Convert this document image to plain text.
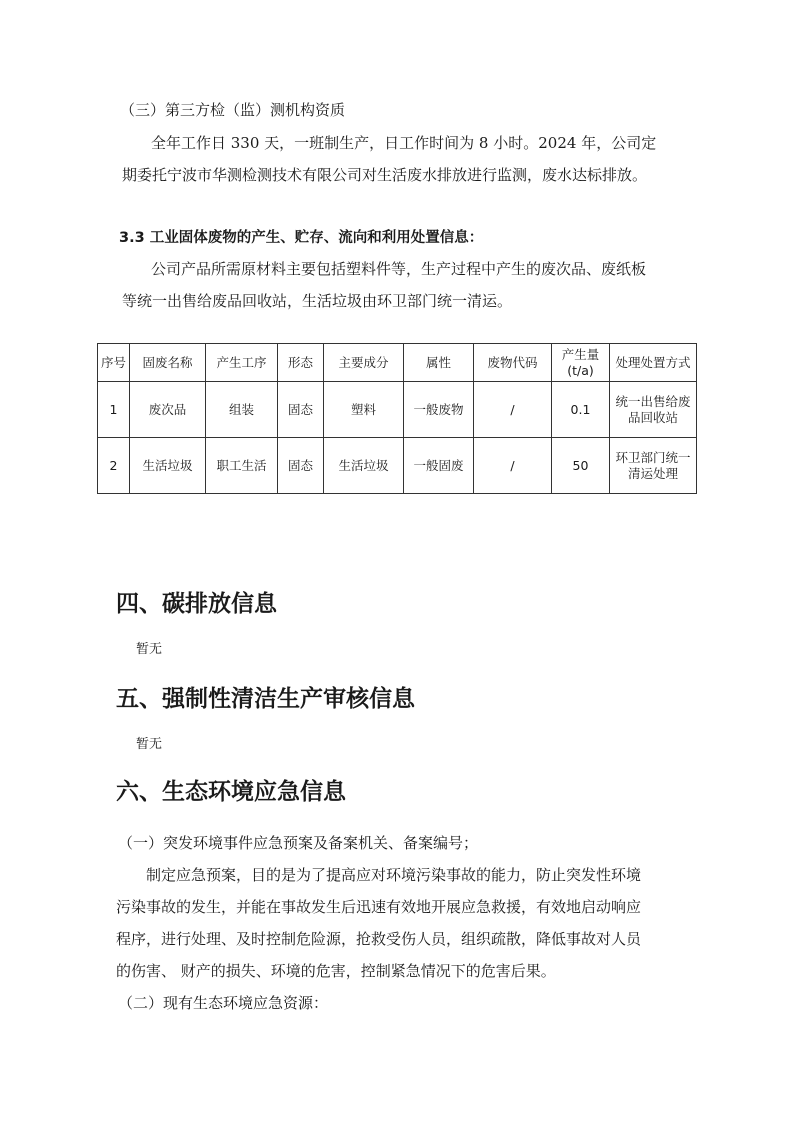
（三）第三方检（监）测机构资质
全年工作日 330 天，一班制生产，日工作时间为 8 小时。2024 年，公司定
期委托宁波市华测检测技术有限公司对生活废水排放进行监测，废水达标排放。
3.3 工业固体废物的产生、贮存、流向和利用处置信息：
公司产品所需原材料主要包括塑料件等，生产过程中产生的废次品、废纸板
等统一出售给废品回收站，生活垃圾由环卫部门统一清运。
序号	固废名称	产生工序	形态	主要成分	属性	废物代码	产生量(t/a)	处理处置方式
1	废次品	组装	固态	塑料	一般废物	/	0.1	统一出售给废品回收站
2	生活垃圾	职工生活	固态	生活垃圾	一般固废	/	50	环卫部门统一清运处理
四、碳排放信息
暂无
五、强制性清洁生产审核信息
暂无
六、生态环境应急信息
（一）突发环境事件应急预案及备案机关、备案编号；
制定应急预案，目的是为了提高应对环境污染事故的能力，防止突发性环境
污染事故的发生，并能在事故发生后迅速有效地开展应急救援，有效地启动响应
程序，进行处理、及时控制危险源，抢救受伤人员，组织疏散，降低事故对人员
的伤害、 财产的损失、环境的危害，控制紧急情况下的危害后果。
（二）现有生态环境应急资源：
